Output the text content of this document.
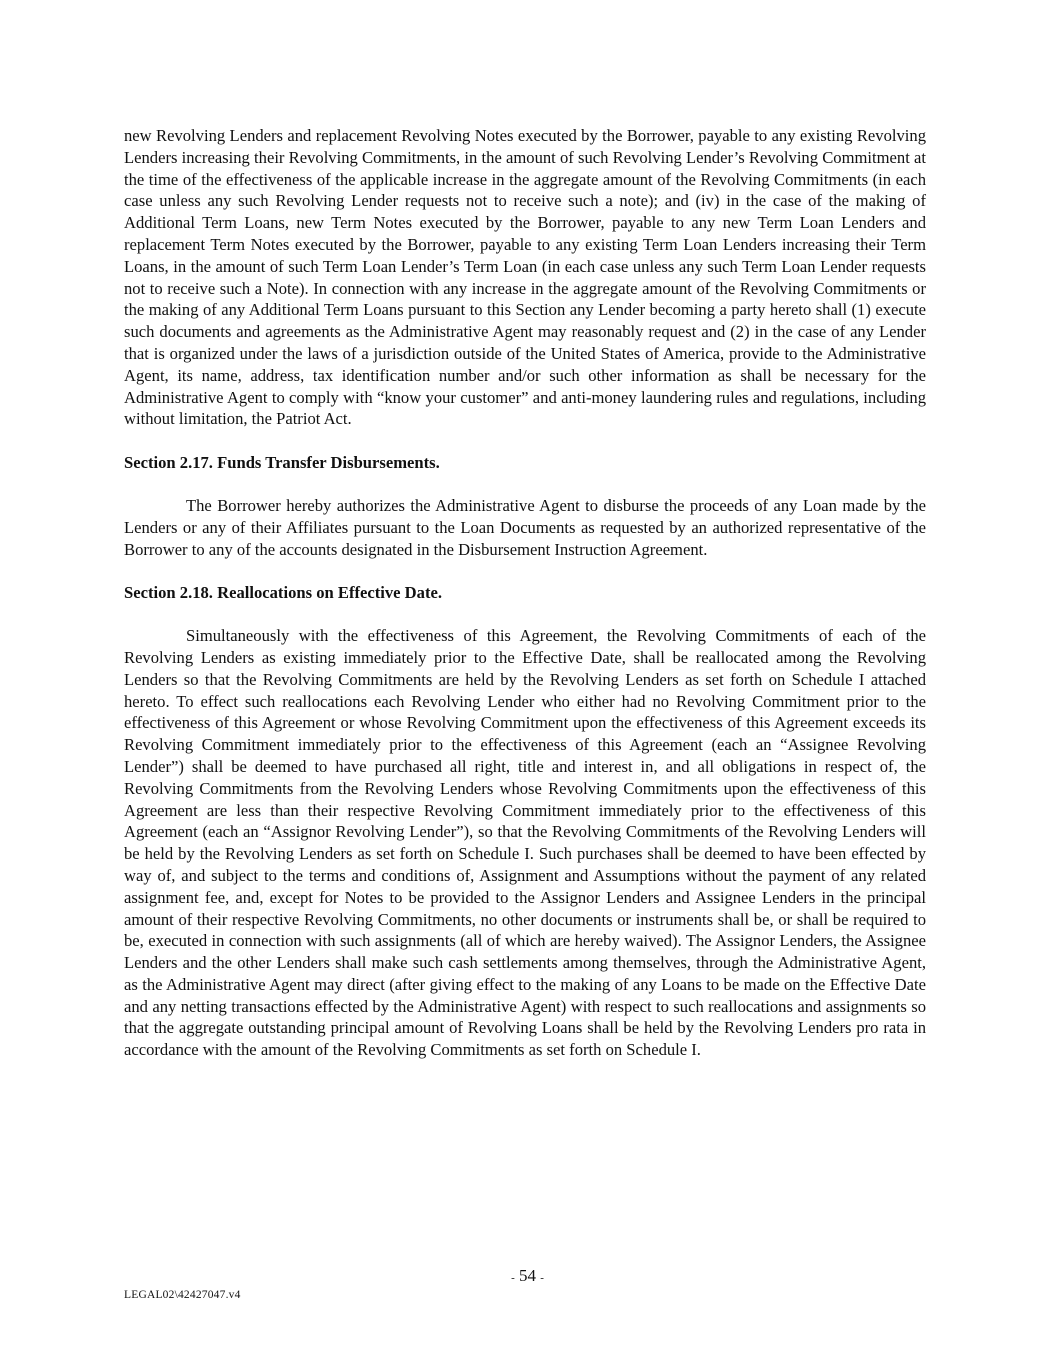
new Revolving Lenders and replacement Revolving Notes executed by the Borrower, payable to any existing Revolving Lenders increasing their Revolving Commitments, in the amount of such Revolving Lender’s Revolving Commitment at the time of the effectiveness of the applicable increase in the aggregate amount of the Revolving Commitments (in each case unless any such Revolving Lender requests not to receive such a note); and (iv) in the case of the making of Additional Term Loans, new Term Notes executed by the Borrower, payable to any new Term Loan Lenders and replacement Term Notes executed by the Borrower, payable to any existing Term Loan Lenders increasing their Term Loans, in the amount of such Term Loan Lender’s Term Loan (in each case unless any such Term Loan Lender requests not to receive such a Note). In connection with any increase in the aggregate amount of the Revolving Commitments or the making of any Additional Term Loans pursuant to this Section any Lender becoming a party hereto shall (1) execute such documents and agreements as the Administrative Agent may reasonably request and (2) in the case of any Lender that is organized under the laws of a jurisdiction outside of the United States of America, provide to the Administrative Agent, its name, address, tax identification number and/or such other information as shall be necessary for the Administrative Agent to comply with “know your customer” and anti-money laundering rules and regulations, including without limitation, the Patriot Act.

Section 2.17. Funds Transfer Disbursements.

The Borrower hereby authorizes the Administrative Agent to disburse the proceeds of any Loan made by the Lenders or any of their Affiliates pursuant to the Loan Documents as requested by an authorized representative of the Borrower to any of the accounts designated in the Disbursement Instruction Agreement.

Section 2.18. Reallocations on Effective Date.

Simultaneously with the effectiveness of this Agreement, the Revolving Commitments of each of the Revolving Lenders as existing immediately prior to the Effective Date, shall be reallocated among the Revolving Lenders so that the Revolving Commitments are held by the Revolving Lenders as set forth on Schedule I attached hereto. To effect such reallocations each Revolving Lender who either had no Revolving Commitment prior to the effectiveness of this Agreement or whose Revolving Commitment upon the effectiveness of this Agreement exceeds its Revolving Commitment immediately prior to the effectiveness of this Agreement (each an “Assignee Revolving Lender”) shall be deemed to have purchased all right, title and interest in, and all obligations in respect of, the Revolving Commitments from the Revolving Lenders whose Revolving Commitments upon the effectiveness of this Agreement are less than their respective Revolving Commitment immediately prior to the effectiveness of this Agreement (each an “Assignor Revolving Lender”), so that the Revolving Commitments of the Revolving Lenders will be held by the Revolving Lenders as set forth on Schedule I. Such purchases shall be deemed to have been effected by way of, and subject to the terms and conditions of, Assignment and Assumptions without the payment of any related assignment fee, and, except for Notes to be provided to the Assignor Lenders and Assignee Lenders in the principal amount of their respective Revolving Commitments, no other documents or instruments shall be, or shall be required to be, executed in connection with such assignments (all of which are hereby waived). The Assignor Lenders, the Assignee Lenders and the other Lenders shall make such cash settlements among themselves, through the Administrative Agent, as the Administrative Agent may direct (after giving effect to the making of any Loans to be made on the Effective Date and any netting transactions effected by the Administrative Agent) with respect to such reallocations and assignments so that the aggregate outstanding principal amount of Revolving Loans shall be held by the Revolving Lenders pro rata in accordance with the amount of the Revolving Commitments as set forth on Schedule I.

- 54 -
LEGAL02\42427047.v4
